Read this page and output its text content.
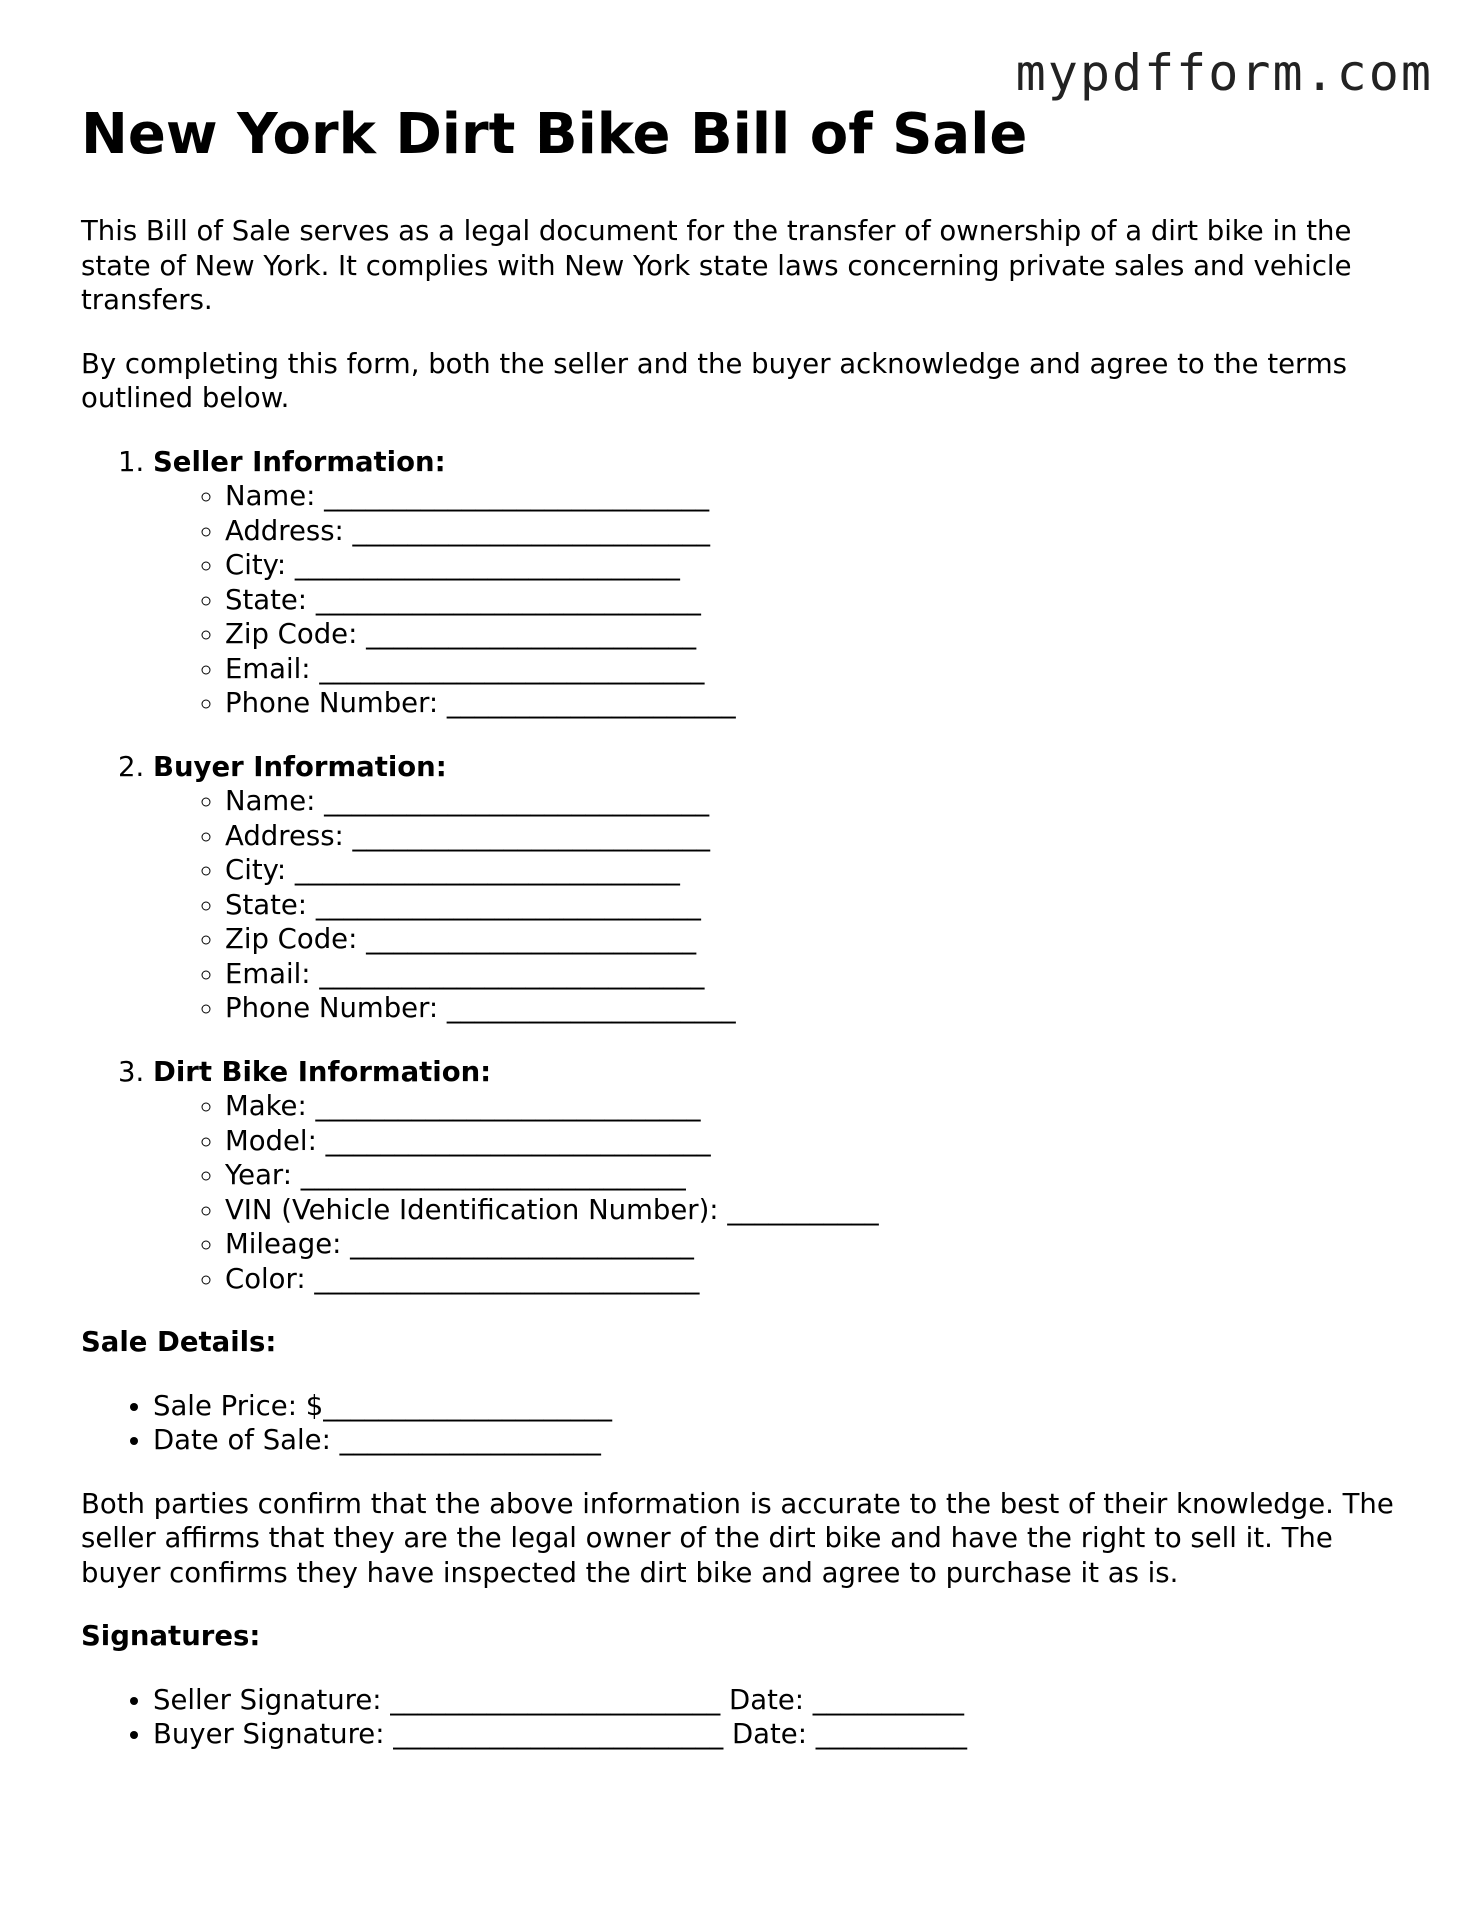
mypdfform.com
New York Dirt Bike Bill of Sale

This Bill of Sale serves as a legal document for the transfer of ownership of a dirt bike in the state of New York. It complies with New York state laws concerning private sales and vehicle transfers.

By completing this form, both the seller and the buyer acknowledge and agree to the terms outlined below.

1. Seller Information:
◦ Name: ____________________________
◦ Address: __________________________
◦ City: ____________________________
◦ State: ____________________________
◦ Zip Code: ________________________
◦ Email: ____________________________
◦ Phone Number: _____________________
2. Buyer Information:
◦ Name: ____________________________
◦ Address: __________________________
◦ City: ____________________________
◦ State: ____________________________
◦ Zip Code: ________________________
◦ Email: ____________________________
◦ Phone Number: _____________________
3. Dirt Bike Information:
◦ Make: ____________________________
◦ Model: ____________________________
◦ Year: ____________________________
◦ VIN (Vehicle Identification Number): ___________
◦ Mileage: _________________________
◦ Color: ____________________________
Sale Details:
• Sale Price: $_____________________
• Date of Sale: ___________________

Both parties confirm that the above information is accurate to the best of their knowledge. The seller affirms that they are the legal owner of the dirt bike and have the right to sell it. The buyer confirms they have inspected the dirt bike and agree to purchase it as is.

Signatures:
• Seller Signature: ________________________ Date: ___________
• Buyer Signature: ________________________ Date: ___________
